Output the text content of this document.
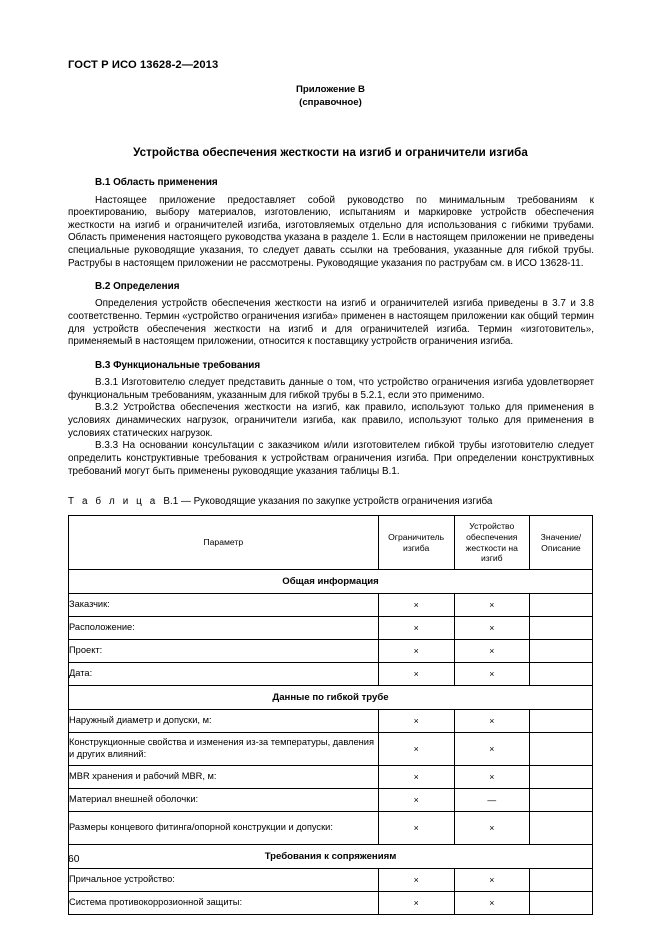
ГОСТ Р ИСО 13628-2—2013
Приложение В
(справочное)
Устройства обеспечения жесткости на изгиб и ограничители изгиба
В.1 Область применения

Настоящее приложение предоставляет собой руководство по минимальным требованиям к проектированию, выбору материалов, изготовлению, испытаниям и маркировке устройств обеспечения жесткости на изгиб и ограничителей изгиба, изготовляемых отдельно для использования с гибкими трубами. Область применения настоящего руководства указана в разделе 1. Если в настоящем приложении не приведены специальные руководящие указания, то следует давать ссылки на требования, указанные для гибкой трубы. Раструбы в настоящем приложении не рассмотрены. Руководящие указания по раструбам см. в ИСО 13628-11.

В.2 Определения

Определения устройств обеспечения жесткости на изгиб и ограничителей изгиба приведены в 3.7 и 3.8 соответственно. Термин «устройство ограничения изгиба» применен в настоящем приложении как общий термин для устройств обеспечения жесткости на изгиб и для ограничителей изгиба. Термин «изготовитель», применяемый в настоящем приложении, относится к поставщику устройств ограничения изгиба.

В.3 Функциональные требования

В.3.1 Изготовителю следует представить данные о том, что устройство ограничения изгиба удовлетворяет функциональным требованиям, указанным для гибкой трубы в 5.2.1, если это применимо.

В.3.2 Устройства обеспечения жесткости на изгиб, как правило, используют только для применения в условиях динамических нагрузок, ограничители изгиба, как правило, используют только для применения в условиях статических нагрузок.

В.3.3 На основании консультации с заказчиком и/или изготовителем гибкой трубы изготовителю следует определить конструктивные требования к устройствам ограничения изгиба. При определении конструктивных требований могут быть применены руководящие указания таблицы В.1.

Т а б л и ц а В.1 — Руководящие указания по закупке устройств ограничения изгиба

Параметр	Ограничитель изгиба	Устройство обеспечения жесткости на изгиб	Значение/ Описание
Общая информация			
Заказчик:	×	×	
Расположение:	×	×	
Проект:	×	×	
Дата:	×	×	
Данные по гибкой трубе			
Наружный диаметр и допуски, м:	×	×	
Конструкционные свойства и изменения из-за температуры, давления и других влияний:	×	×	
MBR хранения и рабочий MBR, м:	×	×	
Материал внешней оболочки:	×	—	
Размеры концевого фитинга/опорной конструкции и допуски:	×	×	
Требования к сопряжениям			
Причальное устройство:	×	×	
Система противокоррозионной защиты:	×	×	
60
